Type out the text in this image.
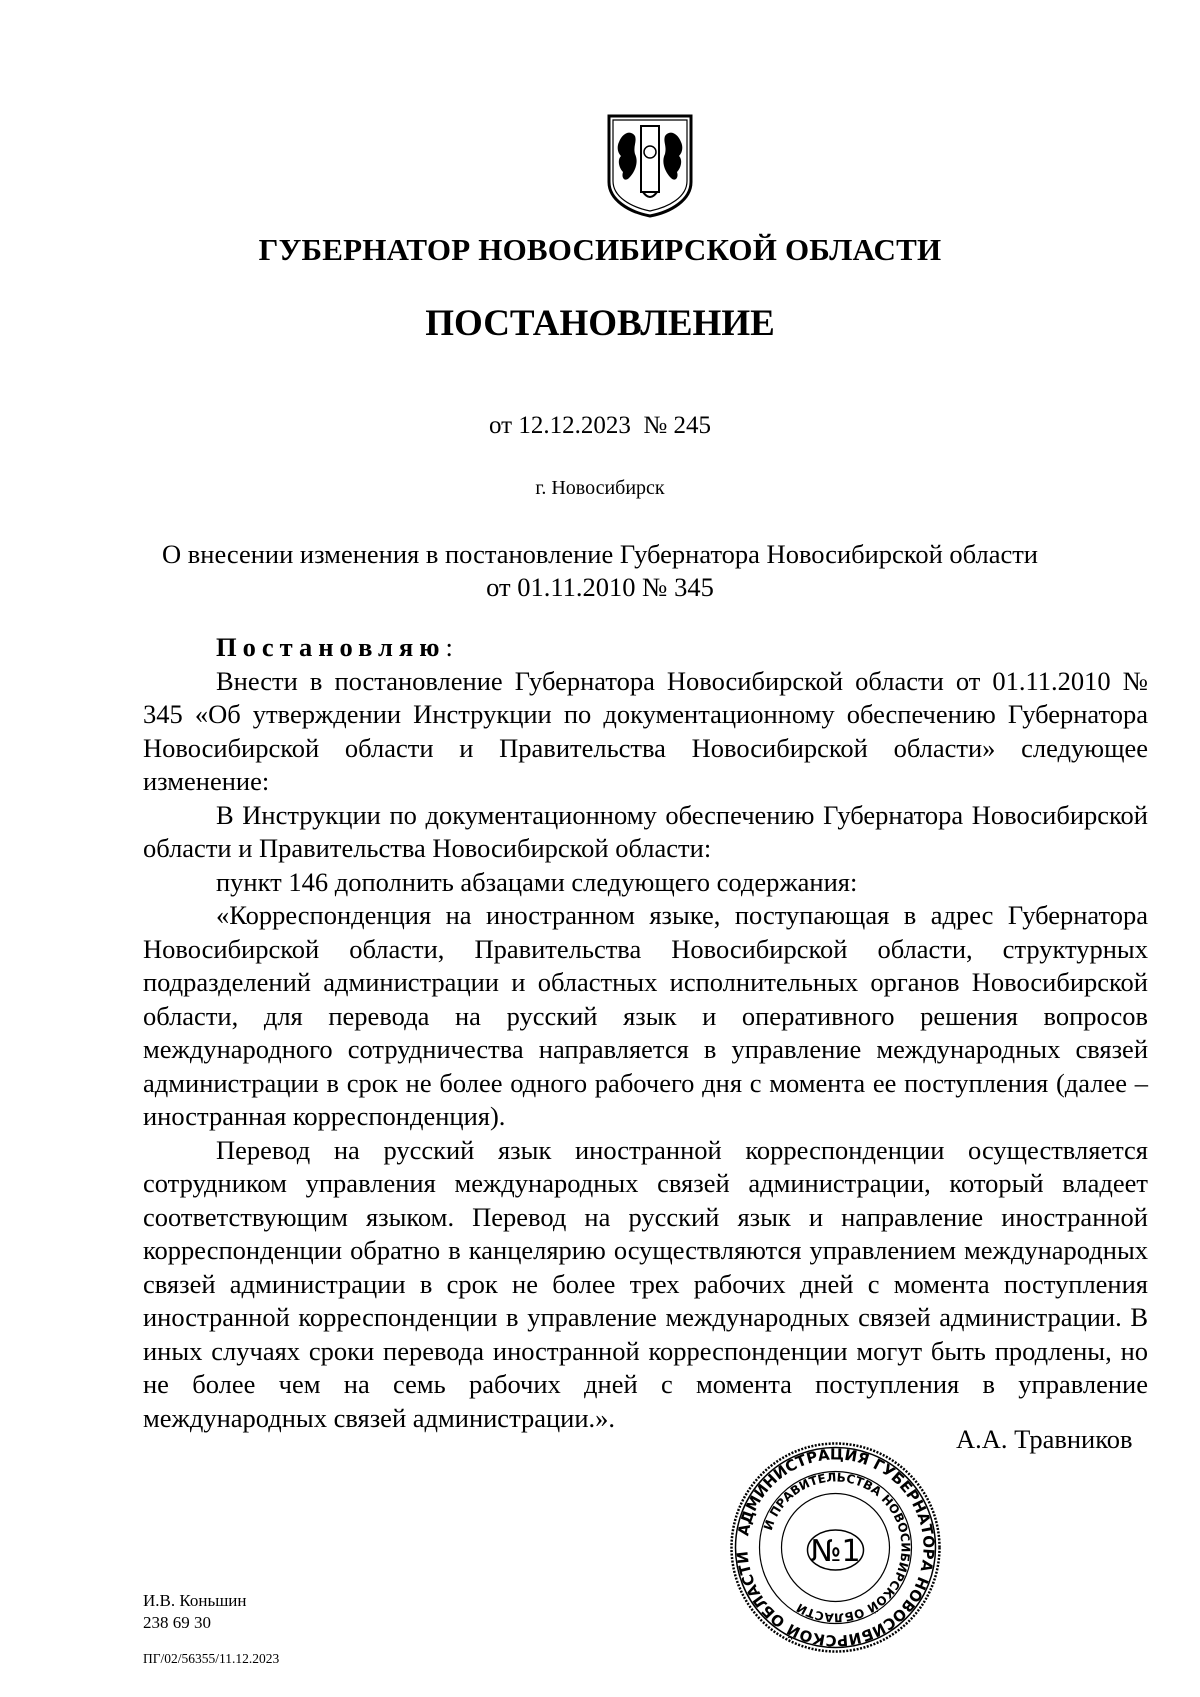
ГУБЕРНАТОР НОВОСИБИРСКОЙ ОБЛАСТИ
ПОСТАНОВЛЕНИЕ
от 12.12.2023  № 245
г. Новосибирск
О внесении изменения в постановление Губернатора Новосибирской области
от 01.11.2010 № 345
Постановляю:

Внести в постановление Губернатора Новосибирской области от 01.11.2010 № 345 «Об утверждении Инструкции по документационному обеспечению Губернатора Новосибирской области и Правительства Новосибирской области» следующее изменение:

В Инструкции по документационному обеспечению Губернатора Новосибирской области и Правительства Новосибирской области:

пункт 146 дополнить абзацами следующего содержания:

«Корреспонденция на иностранном языке, поступающая в адрес Губернатора Новосибирской области, Правительства Новосибирской области, структурных подразделений администрации и областных исполнительных органов Новосибирской области, для перевода на русский язык и оперативного решения вопросов международного сотрудничества направляется в управление международных связей администрации в срок не более одного рабочего дня с момента ее поступления (далее – иностранная корреспонденция).

Перевод на русский язык иностранной корреспонденции осуществляется сотрудником управления международных связей администрации, который владеет соответствующим языком. Перевод на русский язык и направление иностранной корреспонденции обратно в канцелярию осуществляются управлением международных связей администрации в срок не более трех рабочих дней с момента поступления иностранной корреспонденции в управление международных связей администрации. В иных случаях сроки перевода иностранной корреспонденции могут быть продлены, но не более чем на семь рабочих дней с момента поступления в управление международных связей администрации.».

АДМИНИСТРАЦИЯ ГУБЕРНАТОРА НОВОСИБИРСКОЙ ОБЛАСТИ
И ПРАВИТЕЛЬСТВА НОВОСИБИРСКОЙ ОБЛАСТИ
№1
А.А. Травников
И.В. Коньшин
238 69 30
ПГ/02/56355/11.12.2023
